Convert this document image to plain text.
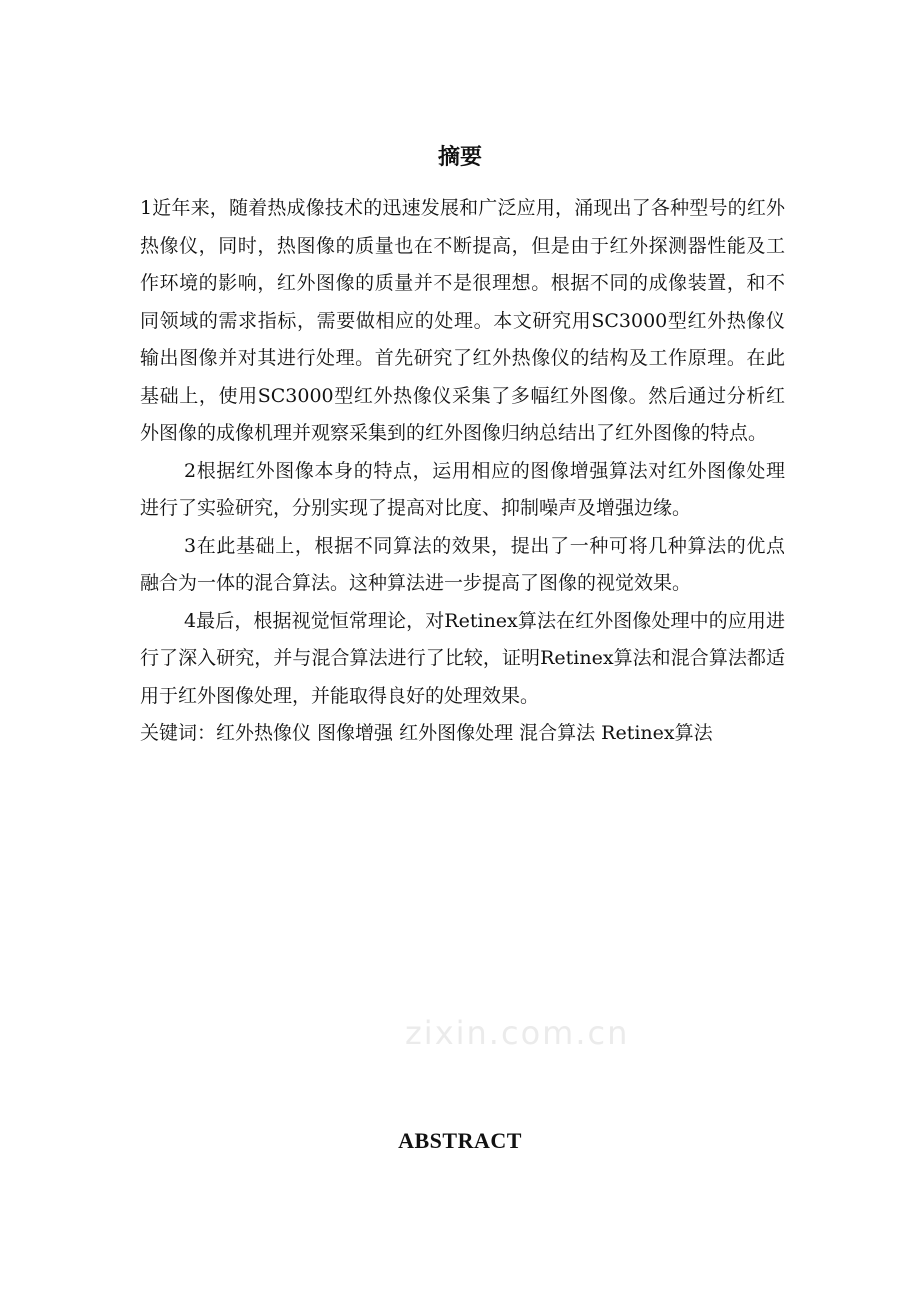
摘要

1近年来，随着热成像技术的迅速发展和广泛应用，涌现出了各种型号的红外热像仪，同时，热图像的质量也在不断提高，但是由于红外探测器性能及工作环境的影响，红外图像的质量并不是很理想。根据不同的成像装置，和不同领域的需求指标，需要做相应的处理。本文研究用SC3000型红外热像仪输出图像并对其进行处理。首先研究了红外热像仪的结构及工作原理。在此基础上，使用SC3000型红外热像仪采集了多幅红外图像。然后通过分析红外图像的成像机理并观察采集到的红外图像归纳总结出了红外图像的特点。

2根据红外图像本身的特点，运用相应的图像增强算法对红外图像处理进行了实验研究，分别实现了提高对比度、抑制噪声及增强边缘。

3在此基础上，根据不同算法的效果，提出了一种可将几种算法的优点融合为一体的混合算法。这种算法进一步提高了图像的视觉效果。

4最后，根据视觉恒常理论，对Retinex算法在红外图像处理中的应用进行了深入研究，并与混合算法进行了比较，证明Retinex算法和混合算法都适用于红外图像处理，并能取得良好的处理效果。

关键词：红外热像仪 图像增强 红外图像处理 混合算法 Retinex算法

ABSTRACT
zixin.com.cn
